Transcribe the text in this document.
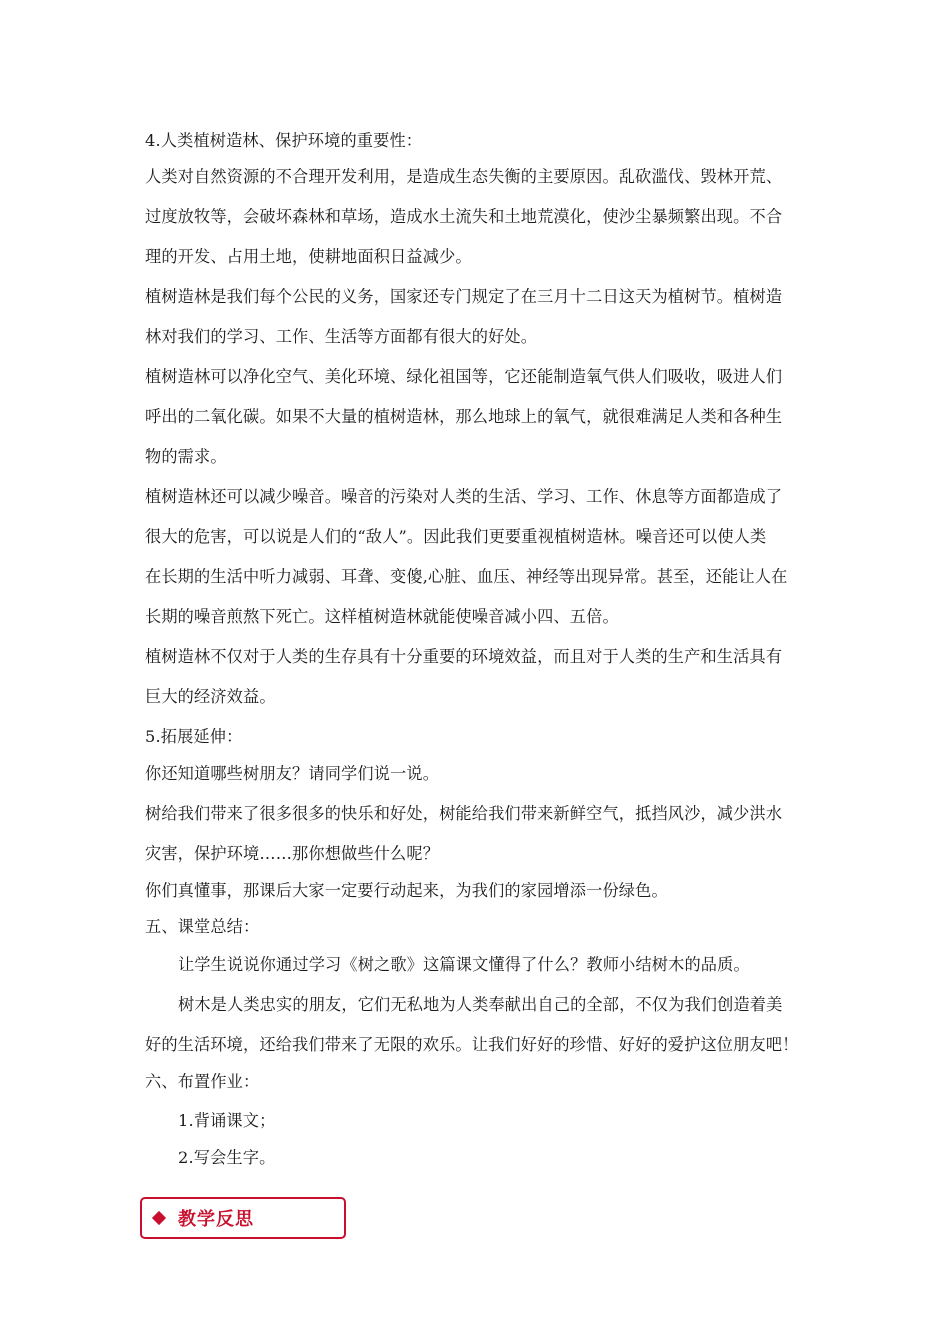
4.人类植树造林、保护环境的重要性：
人类对自然资源的不合理开发利用，是造成生态失衡的主要原因。乱砍滥伐、毁林开荒、
过度放牧等，会破坏森林和草场，造成水土流失和土地荒漠化，使沙尘暴频繁出现。不合
理的开发、占用土地，使耕地面积日益减少。
植树造林是我们每个公民的义务，国家还专门规定了在三月十二日这天为植树节。植树造
林对我们的学习、工作、生活等方面都有很大的好处。
植树造林可以净化空气、美化环境、绿化祖国等，它还能制造氧气供人们吸收，吸进人们
呼出的二氧化碳。如果不大量的植树造林，那么地球上的氧气，就很难满足人类和各种生
物的需求。
植树造林还可以减少噪音。噪音的污染对人类的生活、学习、工作、休息等方面都造成了
很大的危害，可以说是人们的“敌人”。因此我们更要重视植树造林。噪音还可以使人类
在长期的生活中听力减弱、耳聋、变傻,心脏、血压、神经等出现异常。甚至，还能让人在
长期的噪音煎熬下死亡。这样植树造林就能使噪音减小四、五倍。
植树造林不仅对于人类的生存具有十分重要的环境效益，而且对于人类的生产和生活具有
巨大的经济效益。
5.拓展延伸：
你还知道哪些树朋友？请同学们说一说。
树给我们带来了很多很多的快乐和好处，树能给我们带来新鲜空气，抵挡风沙，减少洪水
灾害，保护环境……那你想做些什么呢？
你们真懂事，那课后大家一定要行动起来，为我们的家园增添一份绿色。
五、课堂总结：
让学生说说你通过学习《树之歌》这篇课文懂得了什么？教师小结树木的品质。
树木是人类忠实的朋友，它们无私地为人类奉献出自己的全部，不仅为我们创造着美
好的生活环境，还给我们带来了无限的欢乐。让我们好好的珍惜、好好的爱护这位朋友吧！
六、布置作业：
1.背诵课文；
2.写会生字。
教学反思
